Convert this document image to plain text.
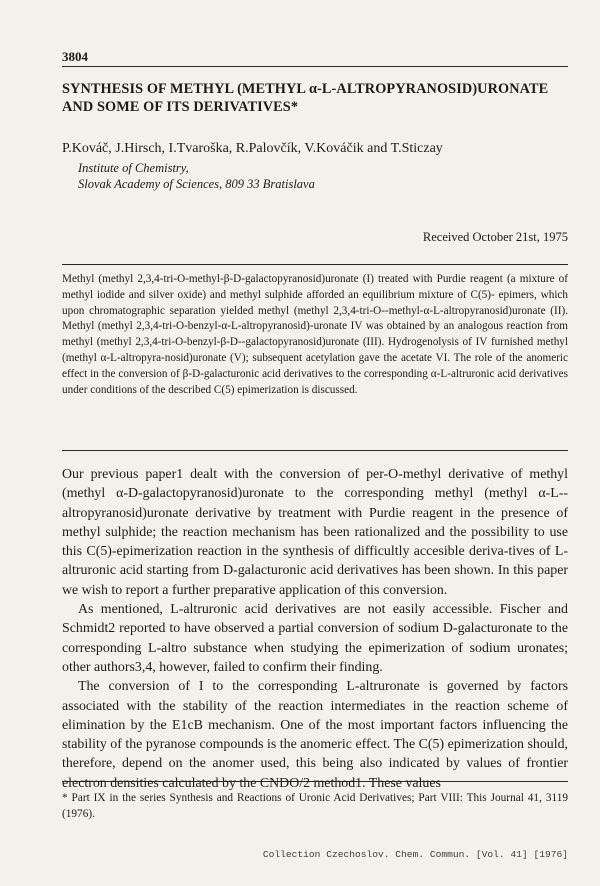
3804
SYNTHESIS OF METHYL (METHYL α-L-ALTROPYRANOSID)URONATE AND SOME OF ITS DERIVATIVES*
P.Kováč, J.Hirsch, I.Tvaroška, R.Palovčík, V.Kováčik and T.Sticzay
Institute of Chemistry,
Slovak Academy of Sciences, 809 33 Bratislava
Received October 21st, 1975
Methyl (methyl 2,3,4-tri-O-methyl-β-D-galactopyranosid)uronate (I) treated with Purdie reagent (a mixture of methyl iodide and silver oxide) and methyl sulphide afforded an equilibrium mixture of C(5)- epimers, which upon chromatographic separation yielded methyl (methyl 2,3,4-tri-O--methyl-α-L-altropyranosid)uronate (II). Methyl (methyl 2,3,4-tri-O-benzyl-α-L-altropyranosid)-uronate IV was obtained by an analogous reaction from methyl (methyl 2,3,4-tri-O-benzyl-β-D--galactopyranosid)uronate (III). Hydrogenolysis of IV furnished methyl (methyl α-L-altropyra-nosid)uronate (V); subsequent acetylation gave the acetate VI. The role of the anomeric effect in the conversion of β-D-galacturonic acid derivatives to the corresponding α-L-altruronic acid derivatives under conditions of the described C(5) epimerization is discussed.

Our previous paper1 dealt with the conversion of per-O-methyl derivative of methyl (methyl α-D-galactopyranosid)uronate to the corresponding methyl (methyl α-L--altropyranosid)uronate derivative by treatment with Purdie reagent in the presence of methyl sulphide; the reaction mechanism has been rationalized and the possibility to use this C(5)-epimerization reaction in the synthesis of difficultly accesible deriva-tives of L-altruronic acid starting from D-galacturonic acid derivatives has been shown. In this paper we wish to report a further preparative application of this conversion.

As mentioned, L-altruronic acid derivatives are not easily accessible. Fischer and Schmidt2 reported to have observed a partial conversion of sodium D-galacturonate to the corresponding L-altro substance when studying the epimerization of sodium uronates; other authors3,4, however, failed to confirm their finding.

The conversion of I to the corresponding L-altruronate is governed by factors associated with the stability of the reaction intermediates in the reaction scheme of elimination by the E1cB mechanism. One of the most important factors influencing the stability of the pyranose compounds is the anomeric effect. The C(5) epimerization should, therefore, depend on the anomer used, this being also indicated by values of frontier electron densities calculated by the CNDO/2 method1. These values

* Part IX in the series Synthesis and Reactions of Uronic Acid Derivatives; Part VIII: This Journal 41, 3119 (1976).
Collection Czechoslov. Chem. Commun. [Vol. 41] [1976]
